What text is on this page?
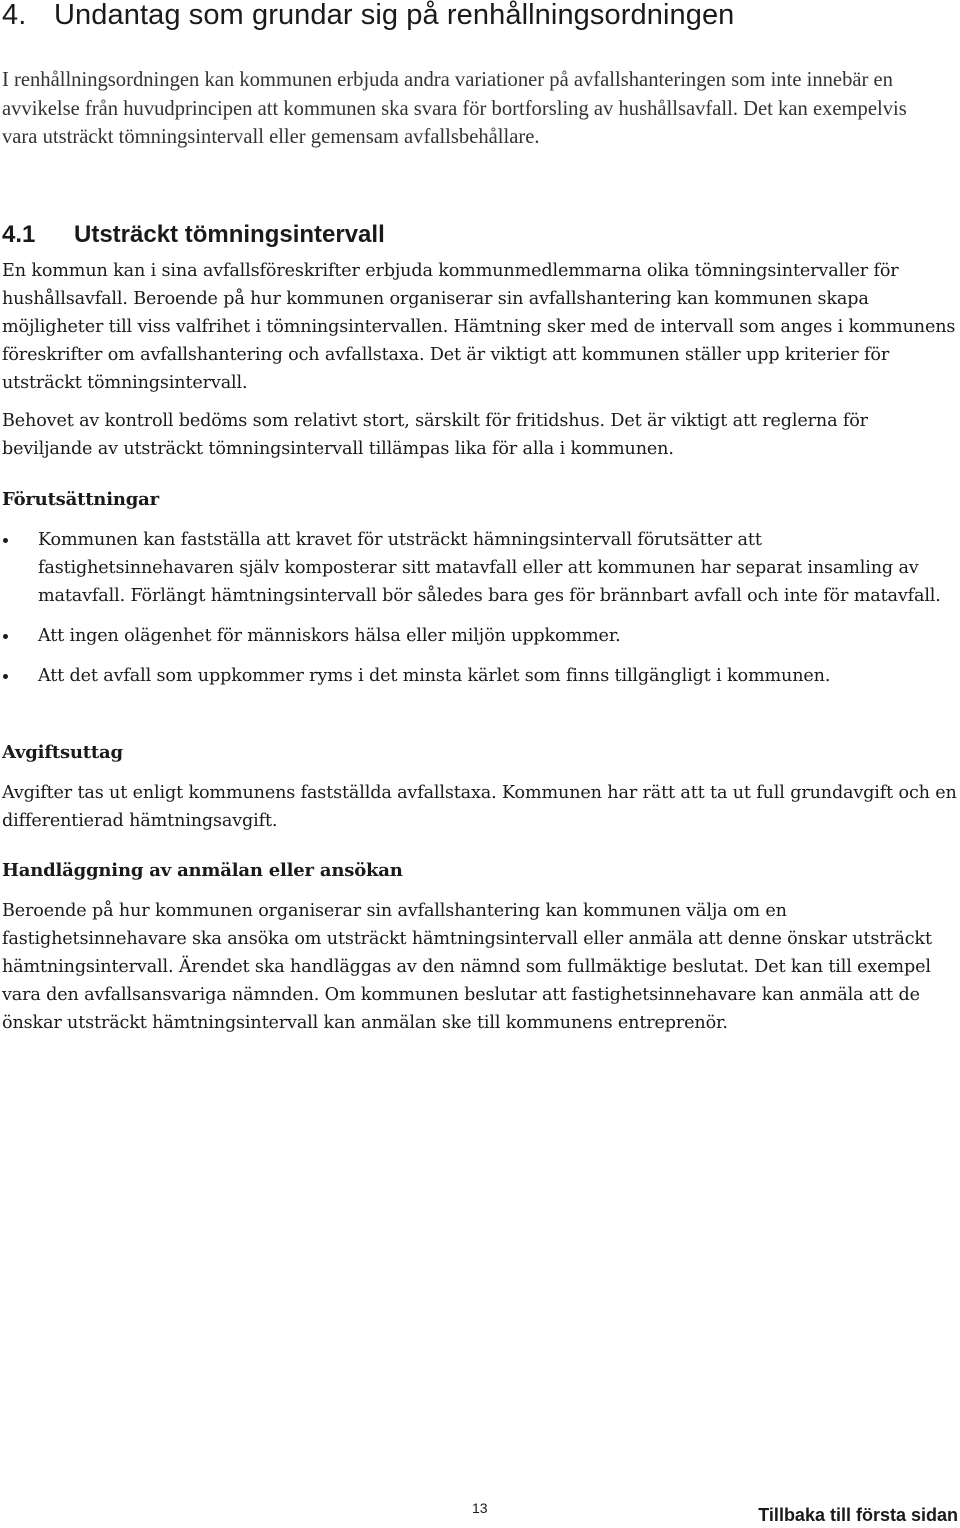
4. Undantag som grundar sig på renhållningsordningen

I renhållningsordningen kan kommunen erbjuda andra variationer på avfallshanteringen som inte innebär en avvikelse från huvudprincipen att kommunen ska svara för bortforsling av hushållsavfall. Det kan exempelvis vara utsträckt tömningsintervall eller gemensam avfallsbehållare.

4.1 Utsträckt tömningsintervall

En kommun kan i sina avfallsföreskrifter erbjuda kommunmedlemmarna olika tömningsintervaller för hushållsavfall. Beroende på hur kommunen organiserar sin avfallshantering kan kommunen skapa möjligheter till viss valfrihet i tömningsintervallen. Hämtning sker med de intervall som anges i kommunens föreskrifter om avfallshantering och avfallstaxa. Det är viktigt att kommunen ställer upp kriterier för utsträckt tömningsintervall.

Behovet av kontroll bedöms som relativt stort, särskilt för fritidshus. Det är viktigt att reglerna för beviljande av utsträckt tömningsintervall tillämpas lika för alla i kommunen.

Förutsättningar
Kommunen kan fastställa att kravet för utsträckt hämningsintervall förutsätter att fastighetsinnehavaren själv komposterar sitt matavfall eller att kommunen har separat insamling av matavfall. Förlängt hämtningsintervall bör således bara ges för brännbart avfall och inte för matavfall.
Att ingen olägenhet för människors hälsa eller miljön uppkommer.
Att det avfall som uppkommer ryms i det minsta kärlet som finns tillgängligt i kommunen.
Avgiftsuttag

Avgifter tas ut enligt kommunens fastställda avfallstaxa. Kommunen har rätt att ta ut full grundavgift och en differentierad hämtningsavgift.

Handläggning av anmälan eller ansökan

Beroende på hur kommunen organiserar sin avfallshantering kan kommunen välja om en fastighetsinnehavare ska ansöka om utsträckt hämtningsintervall eller anmäla att denne önskar utsträckt hämtningsintervall. Ärendet ska handläggas av den nämnd som fullmäktige beslutat. Det kan till exempel vara den avfallsansvariga nämnden. Om kommunen beslutar att fastighetsinnehavare kan anmäla att de önskar utsträckt hämtningsintervall kan anmälan ske till kommunens entreprenör.

13	Tillbaka till första sidan
